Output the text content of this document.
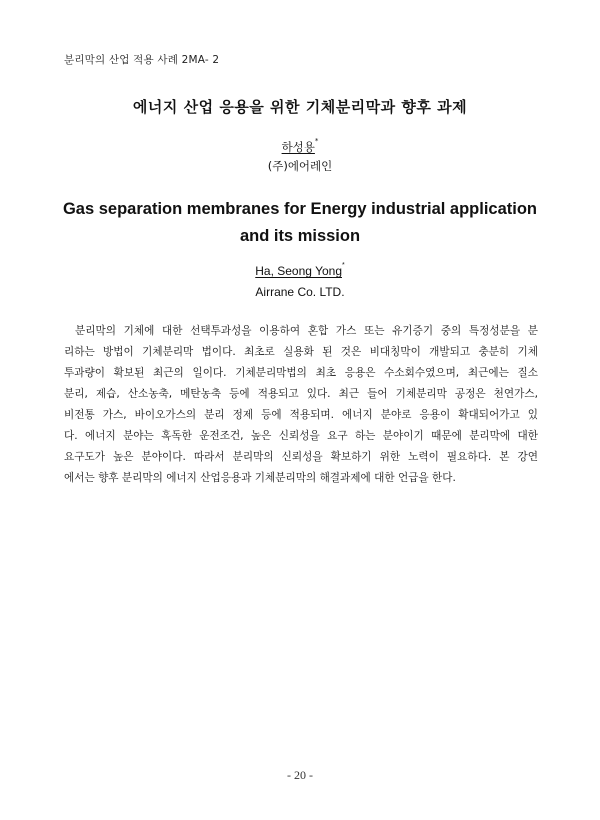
분리막의 산업 적용 사례 2MA- 2
에너지 산업 응용을 위한 기체분리막과 향후 과제
하성용*
(주)에어레인
Gas separation membranes for Energy industrial application
and its mission
Ha, Seong Yong*
Airrane Co. LTD.
분리막의 기체에 대한 선택투과성을 이용하여 혼합 가스 또는 유기증기 중의 특정성분을 분
리하는 방법이 기체분리막 법이다. 최초로 실용화 된 것은 비대칭막이 개발되고 충분히 기체
투과량이 확보된 최근의 일이다. 기체분리막법의 최초 응용은 수소회수였으며, 최근에는 질소
분리, 제습, 산소농축, 메탄농축 등에 적용되고 있다. 최근 들어 기체분리막 공정은 천연가스,
비전통 가스, 바이오가스의 분리 정제 등에 적용되며. 에너지 분야로 응용이 확대되어가고 있
다. 에너지 분야는 혹독한 운전조건, 높은 신뢰성을 요구 하는 분야이기 때문에 분리막에 대한
요구도가 높은 분야이다. 따라서 분리막의 신뢰성을 확보하기 위한 노력이 필요하다. 본 강연
에서는 향후 분리막의 에너지 산업응용과 기체분리막의 해결과제에 대한 언급을 한다.
- 20 -
